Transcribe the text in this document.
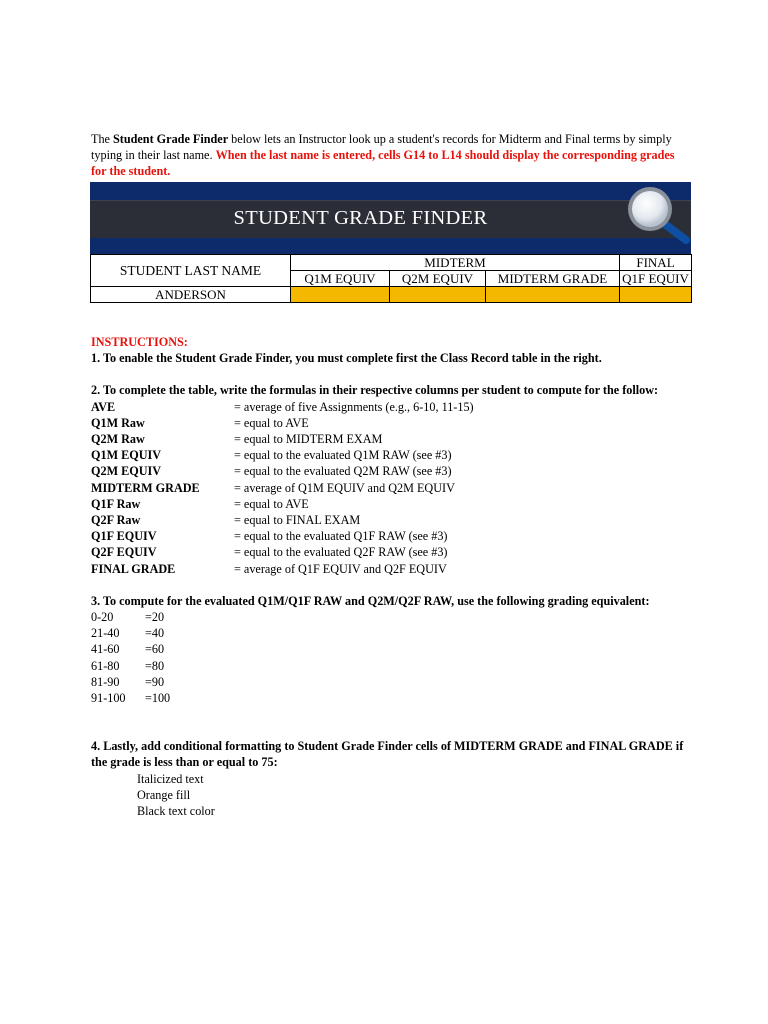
The Student Grade Finder below lets an Instructor look up a student's records for Midterm and Final terms by simply typing in their last name. When the last name is entered, cells G14 to L14 should display the corresponding grades for the student.
STUDENT GRADE FINDER
STUDENT LAST NAME	MIDTERM			FINAL
	Q1M EQUIV	Q2M EQUIV	MIDTERM GRADE	Q1F EQUIV
ANDERSON				
INSTRUCTIONS:
1. To enable the Student Grade Finder, you must complete first the Class Record table in the right.
2. To complete the table, write the formulas in their respective columns per student to compute for the follow:
AVE	= average of five Assignments (e.g., 6-10, 11-15)
Q1M Raw	= equal to AVE
Q2M Raw	= equal to MIDTERM EXAM
Q1M EQUIV	= equal to the evaluated Q1M RAW (see #3)
Q2M EQUIV	= equal to the evaluated Q2M RAW (see #3)
MIDTERM GRADE	= average of Q1M EQUIV and Q2M EQUIV
Q1F Raw	= equal to AVE
Q2F Raw	= equal to FINAL EXAM
Q1F EQUIV	= equal to the evaluated Q1F RAW (see #3)
Q2F EQUIV	= equal to the evaluated Q2F RAW (see #3)
FINAL GRADE	= average of Q1F EQUIV and Q2F EQUIV
3. To compute for the evaluated Q1M/Q1F RAW and Q2M/Q2F RAW, use the following grading equivalent:
0-20	=20
21-40	=40
41-60	=60
61-80	=80
81-90	=90
91-100	=100
4. Lastly, add conditional formatting to Student Grade Finder cells of MIDTERM GRADE and FINAL GRADE if the grade is less than or equal to 75:
Italicized text
Orange fill
Black text color
